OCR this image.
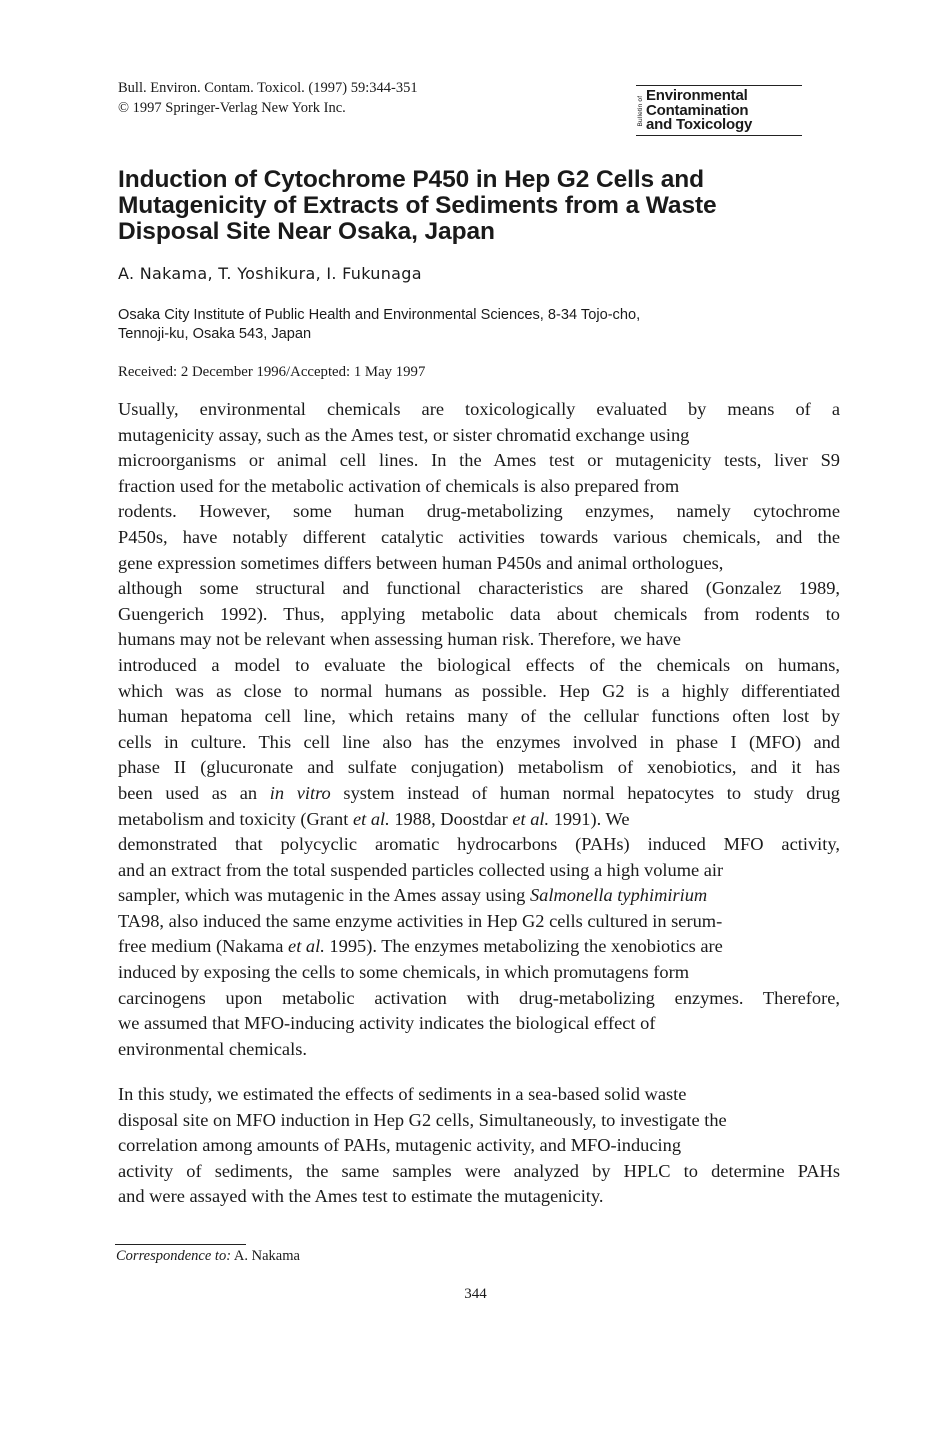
Bull. Environ. Contam. Toxicol. (1997) 59:344-351
© 1997 Springer-Verlag New York Inc.	Bulletin of Environmental
Contamination
and Toxicology
Induction of Cytochrome P450 in Hep G2 Cells and
Mutagenicity of Extracts of Sediments from a Waste
Disposal Site Near Osaka, Japan
A. Nakama, T. Yoshikura, I. Fukunaga
Osaka City Institute of Public Health and Environmental Sciences, 8-34 Tojo-cho,
Tennoji-ku, Osaka 543, Japan
Received: 2 December 1996/Accepted: 1 May 1997
Usually, environmental chemicals are toxicologically evaluated by means of a
mutagenicity assay, such as the Ames test, or sister chromatid exchange using
microorganisms or animal cell lines. In the Ames test or mutagenicity tests, liver S9
fraction used for the metabolic activation of chemicals is also prepared from
rodents. However, some human drug-metabolizing enzymes, namely cytochrome
P450s, have notably different catalytic activities towards various chemicals, and the
gene expression sometimes differs between human P450s and animal orthologues,
although some structural and functional characteristics are shared (Gonzalez 1989,
Guengerich 1992). Thus, applying metabolic data about chemicals from rodents to
humans may not be relevant when assessing human risk. Therefore, we have
introduced a model to evaluate the biological effects of the chemicals on humans,
which was as close to normal humans as possible. Hep G2 is a highly differentiated
human hepatoma cell line, which retains many of the cellular functions often lost by
cells in culture. This cell line also has the enzymes involved in phase I (MFO) and
phase II (glucuronate and sulfate conjugation) metabolism of xenobiotics, and it has
been used as an in vitro system instead of human normal hepatocytes to study drug
metabolism and toxicity (Grant et al. 1988, Doostdar et al. 1991). We
demonstrated that polycyclic aromatic hydrocarbons (PAHs) induced MFO activity,
and an extract from the total suspended particles collected using a high volume air
sampler, which was mutagenic in the Ames assay using Salmonella typhimirium
TA98, also induced the same enzyme activities in Hep G2 cells cultured in serum-
free medium (Nakama et al. 1995). The enzymes metabolizing the xenobiotics are
induced by exposing the cells to some chemicals, in which promutagens form
carcinogens upon metabolic activation with drug-metabolizing enzymes. Therefore,
we assumed that MFO-inducing activity indicates the biological effect of
environmental chemicals.
In this study, we estimated the effects of sediments in a sea-based solid waste
disposal site on MFO induction in Hep G2 cells, Simultaneously, to investigate the
correlation among amounts of PAHs, mutagenic activity, and MFO-inducing
activity of sediments, the same samples were analyzed by HPLC to determine PAHs
and were assayed with the Ames test to estimate the mutagenicity.
Correspondence to: A. Nakama
344
